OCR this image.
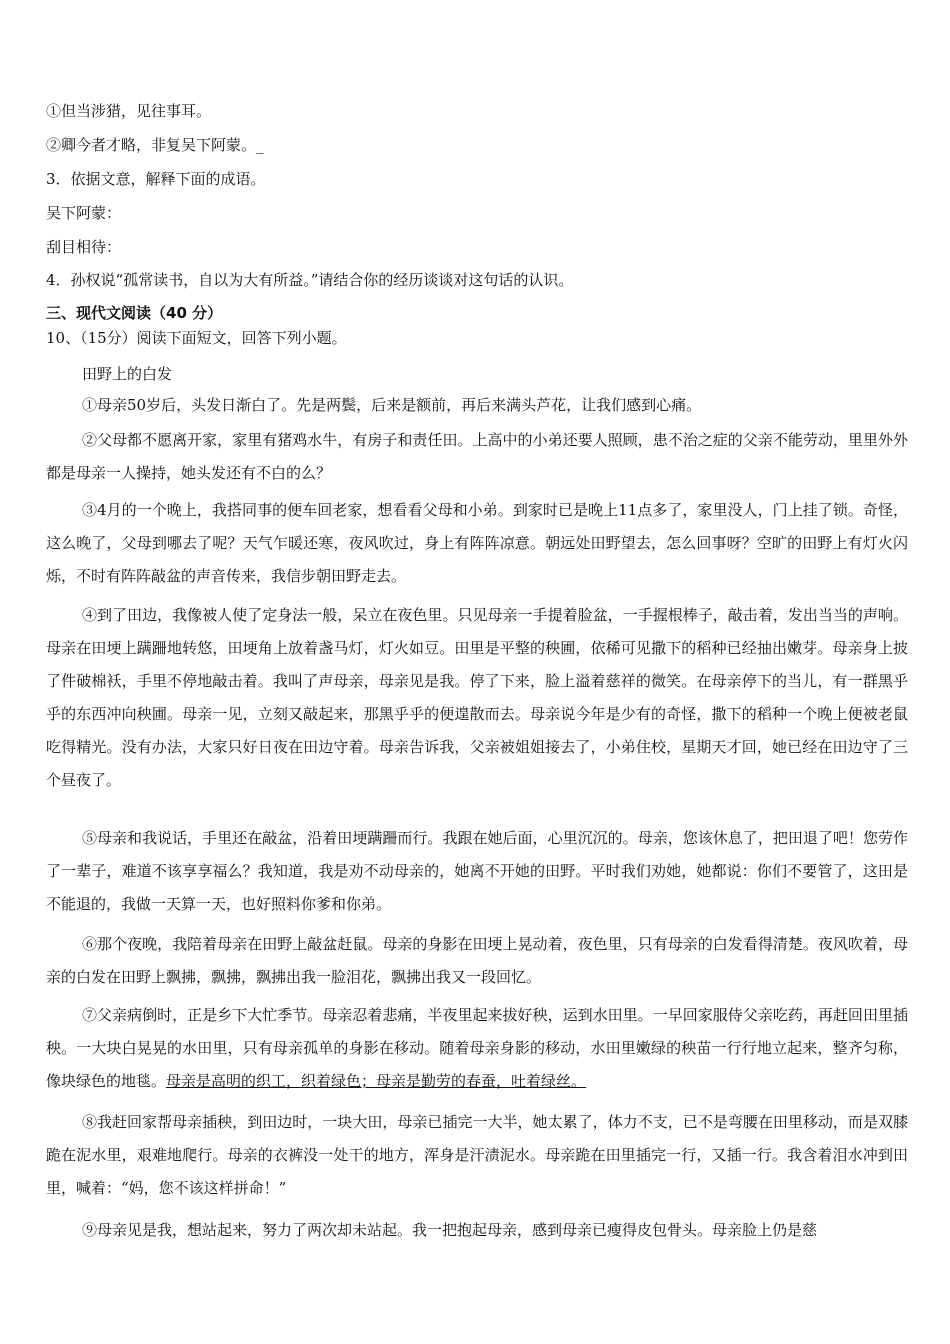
①但当涉猎，见往事耳。
②卿今者才略，非复吴下阿蒙。_
3．依据文意，解释下面的成语。
吴下阿蒙：
刮目相待：
4．孙权说“孤常读书，自以为大有所益。”请结合你的经历谈谈对这句话的认识。
三、现代文阅读（40 分）
10、（15分）阅读下面短文，回答下列小题。
田野上的白发
①母亲50岁后，头发日渐白了。先是两鬓，后来是额前，再后来满头芦花，让我们感到心痛。
②父母都不愿离开家，家里有猪鸡水牛，有房子和责任田。上高中的小弟还要人照顾，患不治之症的父亲不能劳动，里里外外都是母亲一人操持，她头发还有不白的么？
③4月的一个晚上，我搭同事的便车回老家，想看看父母和小弟。到家时已是晚上11点多了，家里没人，门上挂了锁。奇怪，这么晚了，父母到哪去了呢？天气乍暖还寒，夜风吹过，身上有阵阵凉意。朝远处田野望去，怎么回事呀？空旷的田野上有灯火闪烁，不时有阵阵敲盆的声音传来，我信步朝田野走去。
④到了田边，我像被人使了定身法一般，呆立在夜色里。只见母亲一手提着脸盆，一手握根棒子，敲击着，发出当当的声响。母亲在田埂上蹒跚地转悠，田埂角上放着盏马灯，灯火如豆。田里是平整的秧圃，依稀可见撒下的稻种已经抽出嫩芽。母亲身上披了件破棉袄，手里不停地敲击着。我叫了声母亲，母亲见是我。停了下来，脸上溢着慈祥的微笑。在母亲停下的当儿，有一群黑乎乎的东西冲向秧圃。母亲一见，立刻又敲起来，那黑乎乎的便遑散而去。母亲说今年是少有的奇怪，撒下的稻种一个晚上便被老鼠吃得精光。没有办法，大家只好日夜在田边守着。母亲告诉我，父亲被姐姐接去了，小弟住校，星期天才回，她已经在田边守了三个昼夜了。
⑤母亲和我说话，手里还在敲盆，沿着田埂蹒跚而行。我跟在她后面，心里沉沉的。母亲，您该休息了，把田退了吧！您劳作了一辈子，难道不该享享福么？我知道，我是劝不动母亲的，她离不开她的田野。平时我们劝她，她都说：你们不要管了，这田是不能退的，我做一天算一天，也好照料你爹和你弟。
⑥那个夜晚，我陪着母亲在田野上敲盆赶鼠。母亲的身影在田埂上晃动着，夜色里，只有母亲的白发看得清楚。夜风吹着，母亲的白发在田野上飘拂，飘拂，飘拂出我一脸泪花，飘拂出我又一段回忆。
⑦父亲病倒时，正是乡下大忙季节。母亲忍着悲痛，半夜里起来拔好秧，运到水田里。一早回家服侍父亲吃药，再赶回田里插秧。一大块白晃晃的水田里，只有母亲孤单的身影在移动。随着母亲身影的移动，水田里嫩绿的秧苗一行行地立起来，整齐匀称，像块绿色的地毯。母亲是高明的织工，织着绿色；母亲是勤劳的春蚕，吐着绿丝。
⑧我赶回家帮母亲插秧，到田边时，一块大田，母亲已插完一大半，她太累了，体力不支，已不是弯腰在田里移动，而是双膝跪在泥水里，艰难地爬行。母亲的衣裤没一处干的地方，浑身是汗渍泥水。母亲跪在田里插完一行，又插一行。我含着泪水冲到田里，喊着：“妈，您不该这样拼命！”
⑨母亲见是我，想站起来，努力了两次却未站起。我一把抱起母亲，感到母亲已瘦得皮包骨头。母亲脸上仍是慈
